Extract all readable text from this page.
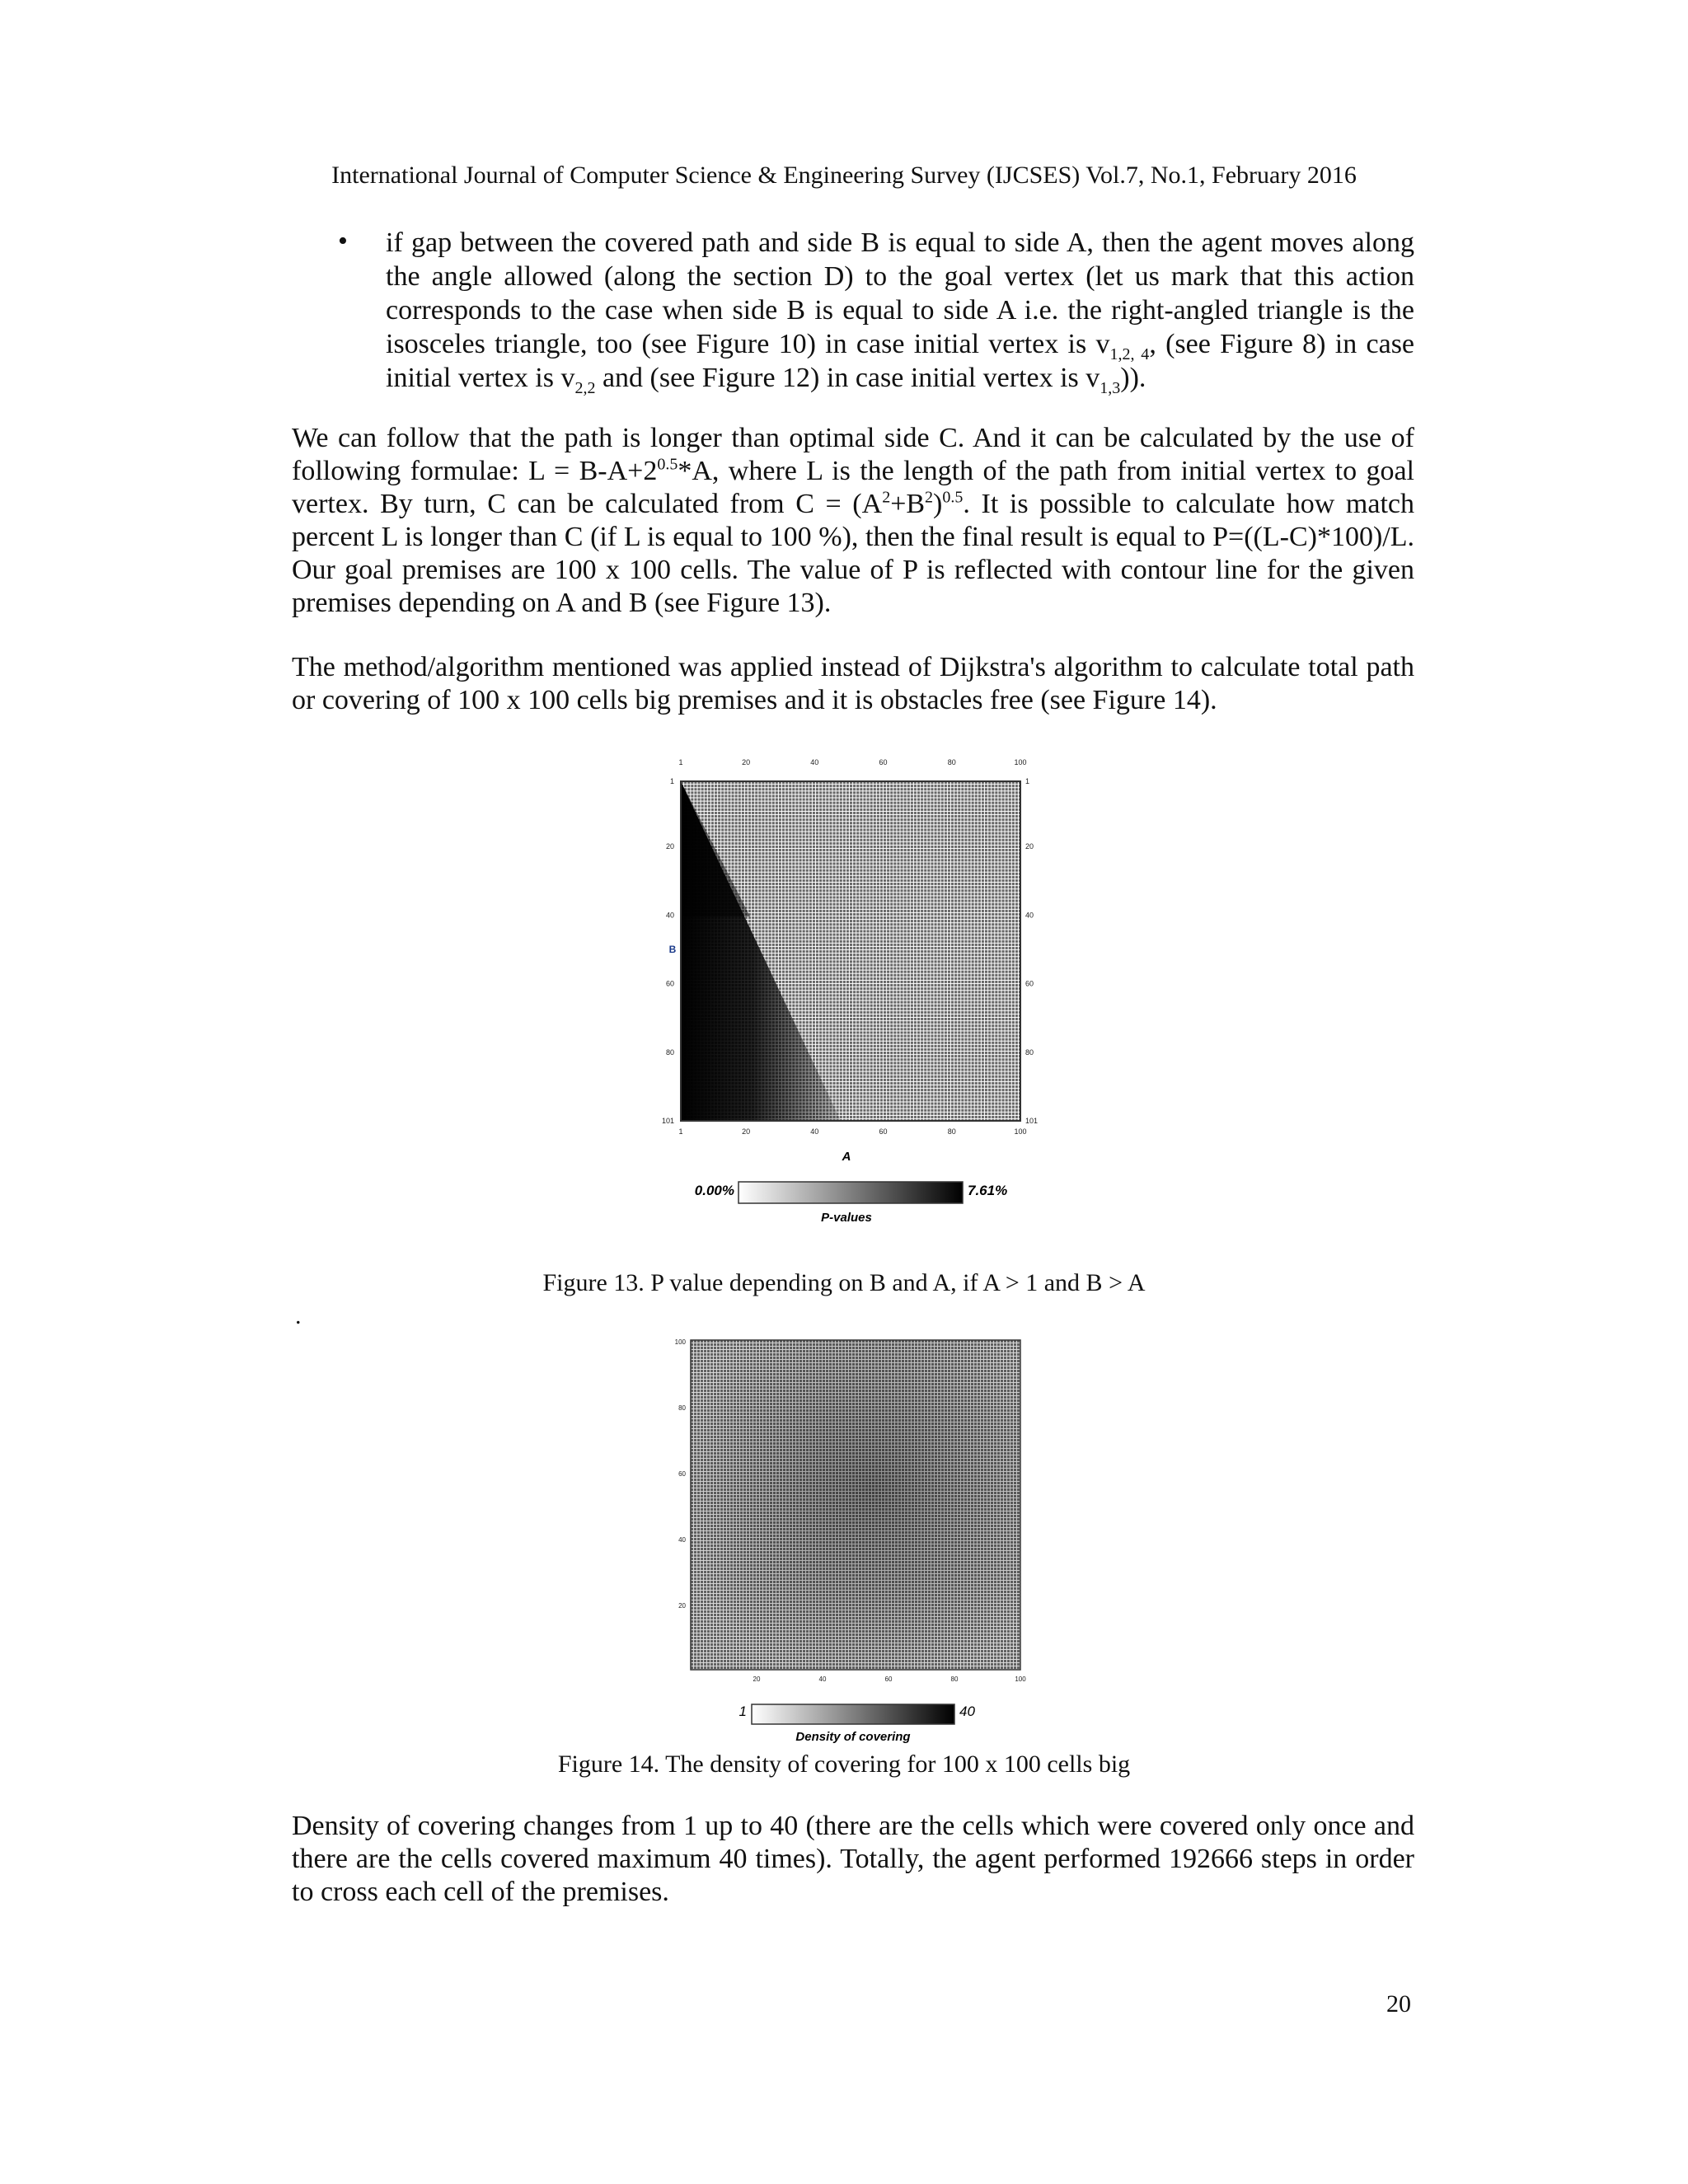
International Journal of Computer Science & Engineering Survey (IJCSES) Vol.7, No.1, February 2016
• if gap between the covered path and side B is equal to side A, then the agent moves along the angle allowed (along the section D) to the goal vertex (let us mark that this action corresponds to the case when side B is equal to side A i.e. the right-angled triangle is the isosceles triangle, too (see Figure 10) in case initial vertex is $v_{1,2, 4}$, (see Figure 8) in case initial vertex is $v_{2,2}$ and (see Figure 12) in case initial vertex is $v_{1,3}$)).
We can follow that the path is longer than optimal side C. And it can be calculated by the use of following formulae: $L = B-A+2^{0.5}*A$, where L is the length of the path from initial vertex to goal vertex. By turn, C can be calculated from $C = (A^2+B^2)^{0.5}$. It is possible to calculate how match percent L is longer than C (if L is equal to 100 %), then the final result is equal to P=((L-C)*100)/L. Our goal premises are 100 x 100 cells. The value of P is reflected with contour line for the given premises depending on A and B (see Figure 13).
The method/algorithm mentioned was applied instead of Dijkstra's algorithm to calculate total path or covering of 100 x 100 cells big premises and it is obstacles free (see Figure 14).
1	20	40	60	80	100
1	20	40	60	80	100
1
20
40
60
80
101
1
20
40
60
80
101
A
B
0.00%	7.61%
P-values
Figure 13. P value depending on B and A, if A > 1 and B > A
.
100
80
60
40
20
20	40	60	80	100
1	40
Density of covering
Figure 14. The density of covering for 100 x 100 cells big
Density of covering changes from 1 up to 40 (there are the cells which were covered only once and there are the cells covered maximum 40 times). Totally, the agent performed 192666 steps in order to cross each cell of the premises.
20
